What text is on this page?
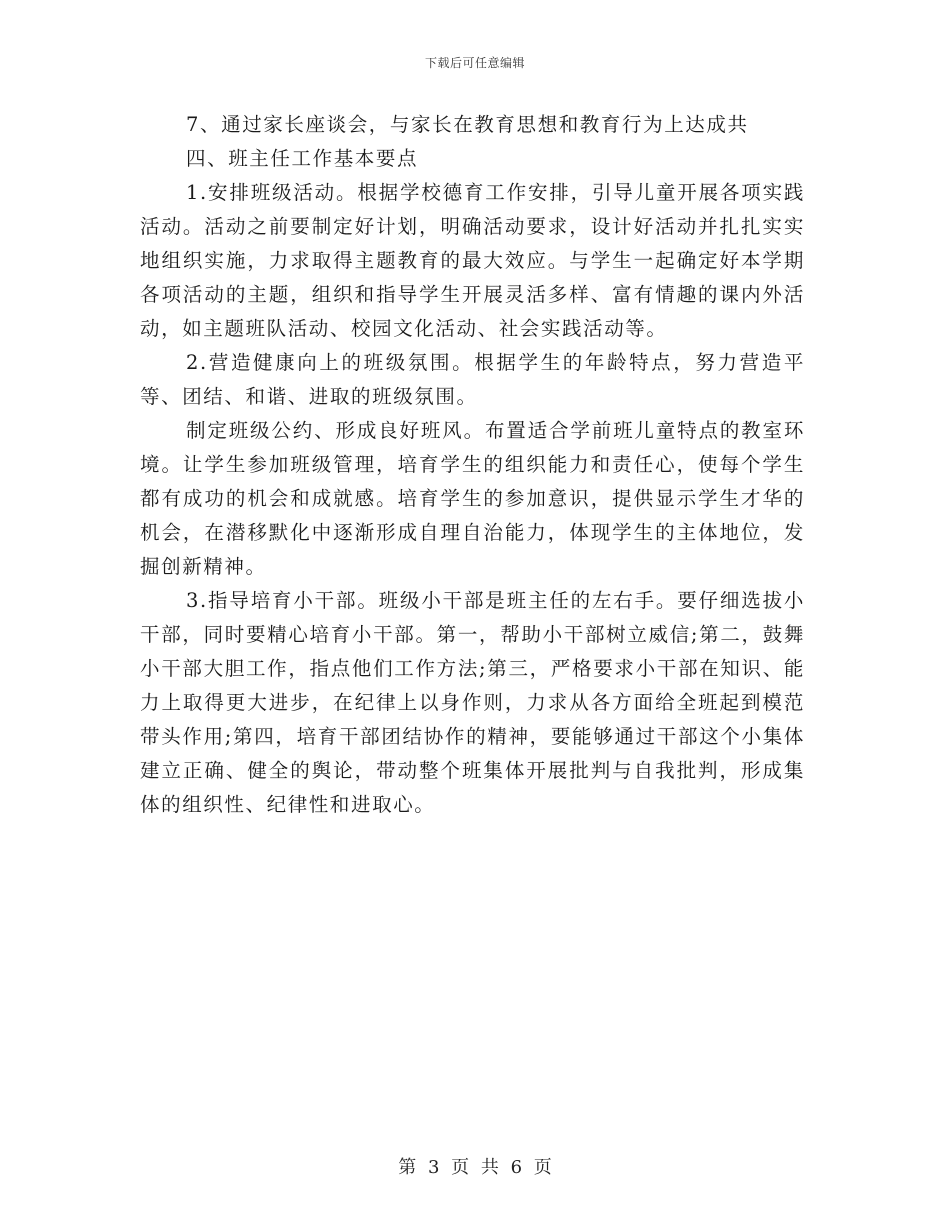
下载后可任意编辑

7、通过家长座谈会，与家长在教育思想和教育行为上达成共

四、班主任工作基本要点

1.安排班级活动。根据学校德育工作安排，引导儿童开展各项实践活动。活动之前要制定好计划，明确活动要求，设计好活动并扎扎实实地组织实施，力求取得主题教育的最大效应。与学生一起确定好本学期各项活动的主题，组织和指导学生开展灵活多样、富有情趣的课内外活动，如主题班队活动、校园文化活动、社会实践活动等。

2.营造健康向上的班级氛围。根据学生的年龄特点，努力营造平等、团结、和谐、进取的班级氛围。

制定班级公约、形成良好班风。布置适合学前班儿童特点的教室环境。让学生参加班级管理，培育学生的组织能力和责任心，使每个学生都有成功的机会和成就感。培育学生的参加意识，提供显示学生才华的机会，在潜移默化中逐渐形成自理自治能力，体现学生的主体地位，发掘创新精神。

3.指导培育小干部。班级小干部是班主任的左右手。要仔细选拔小干部，同时要精心培育小干部。第一，帮助小干部树立威信;第二，鼓舞小干部大胆工作，指点他们工作方法;第三，严格要求小干部在知识、能力上取得更大进步，在纪律上以身作则，力求从各方面给全班起到模范带头作用;第四，培育干部团结协作的精神，要能够通过干部这个小集体建立正确、健全的舆论，带动整个班集体开展批判与自我批判，形成集体的组织性、纪律性和进取心。

第 3 页 共 6 页
